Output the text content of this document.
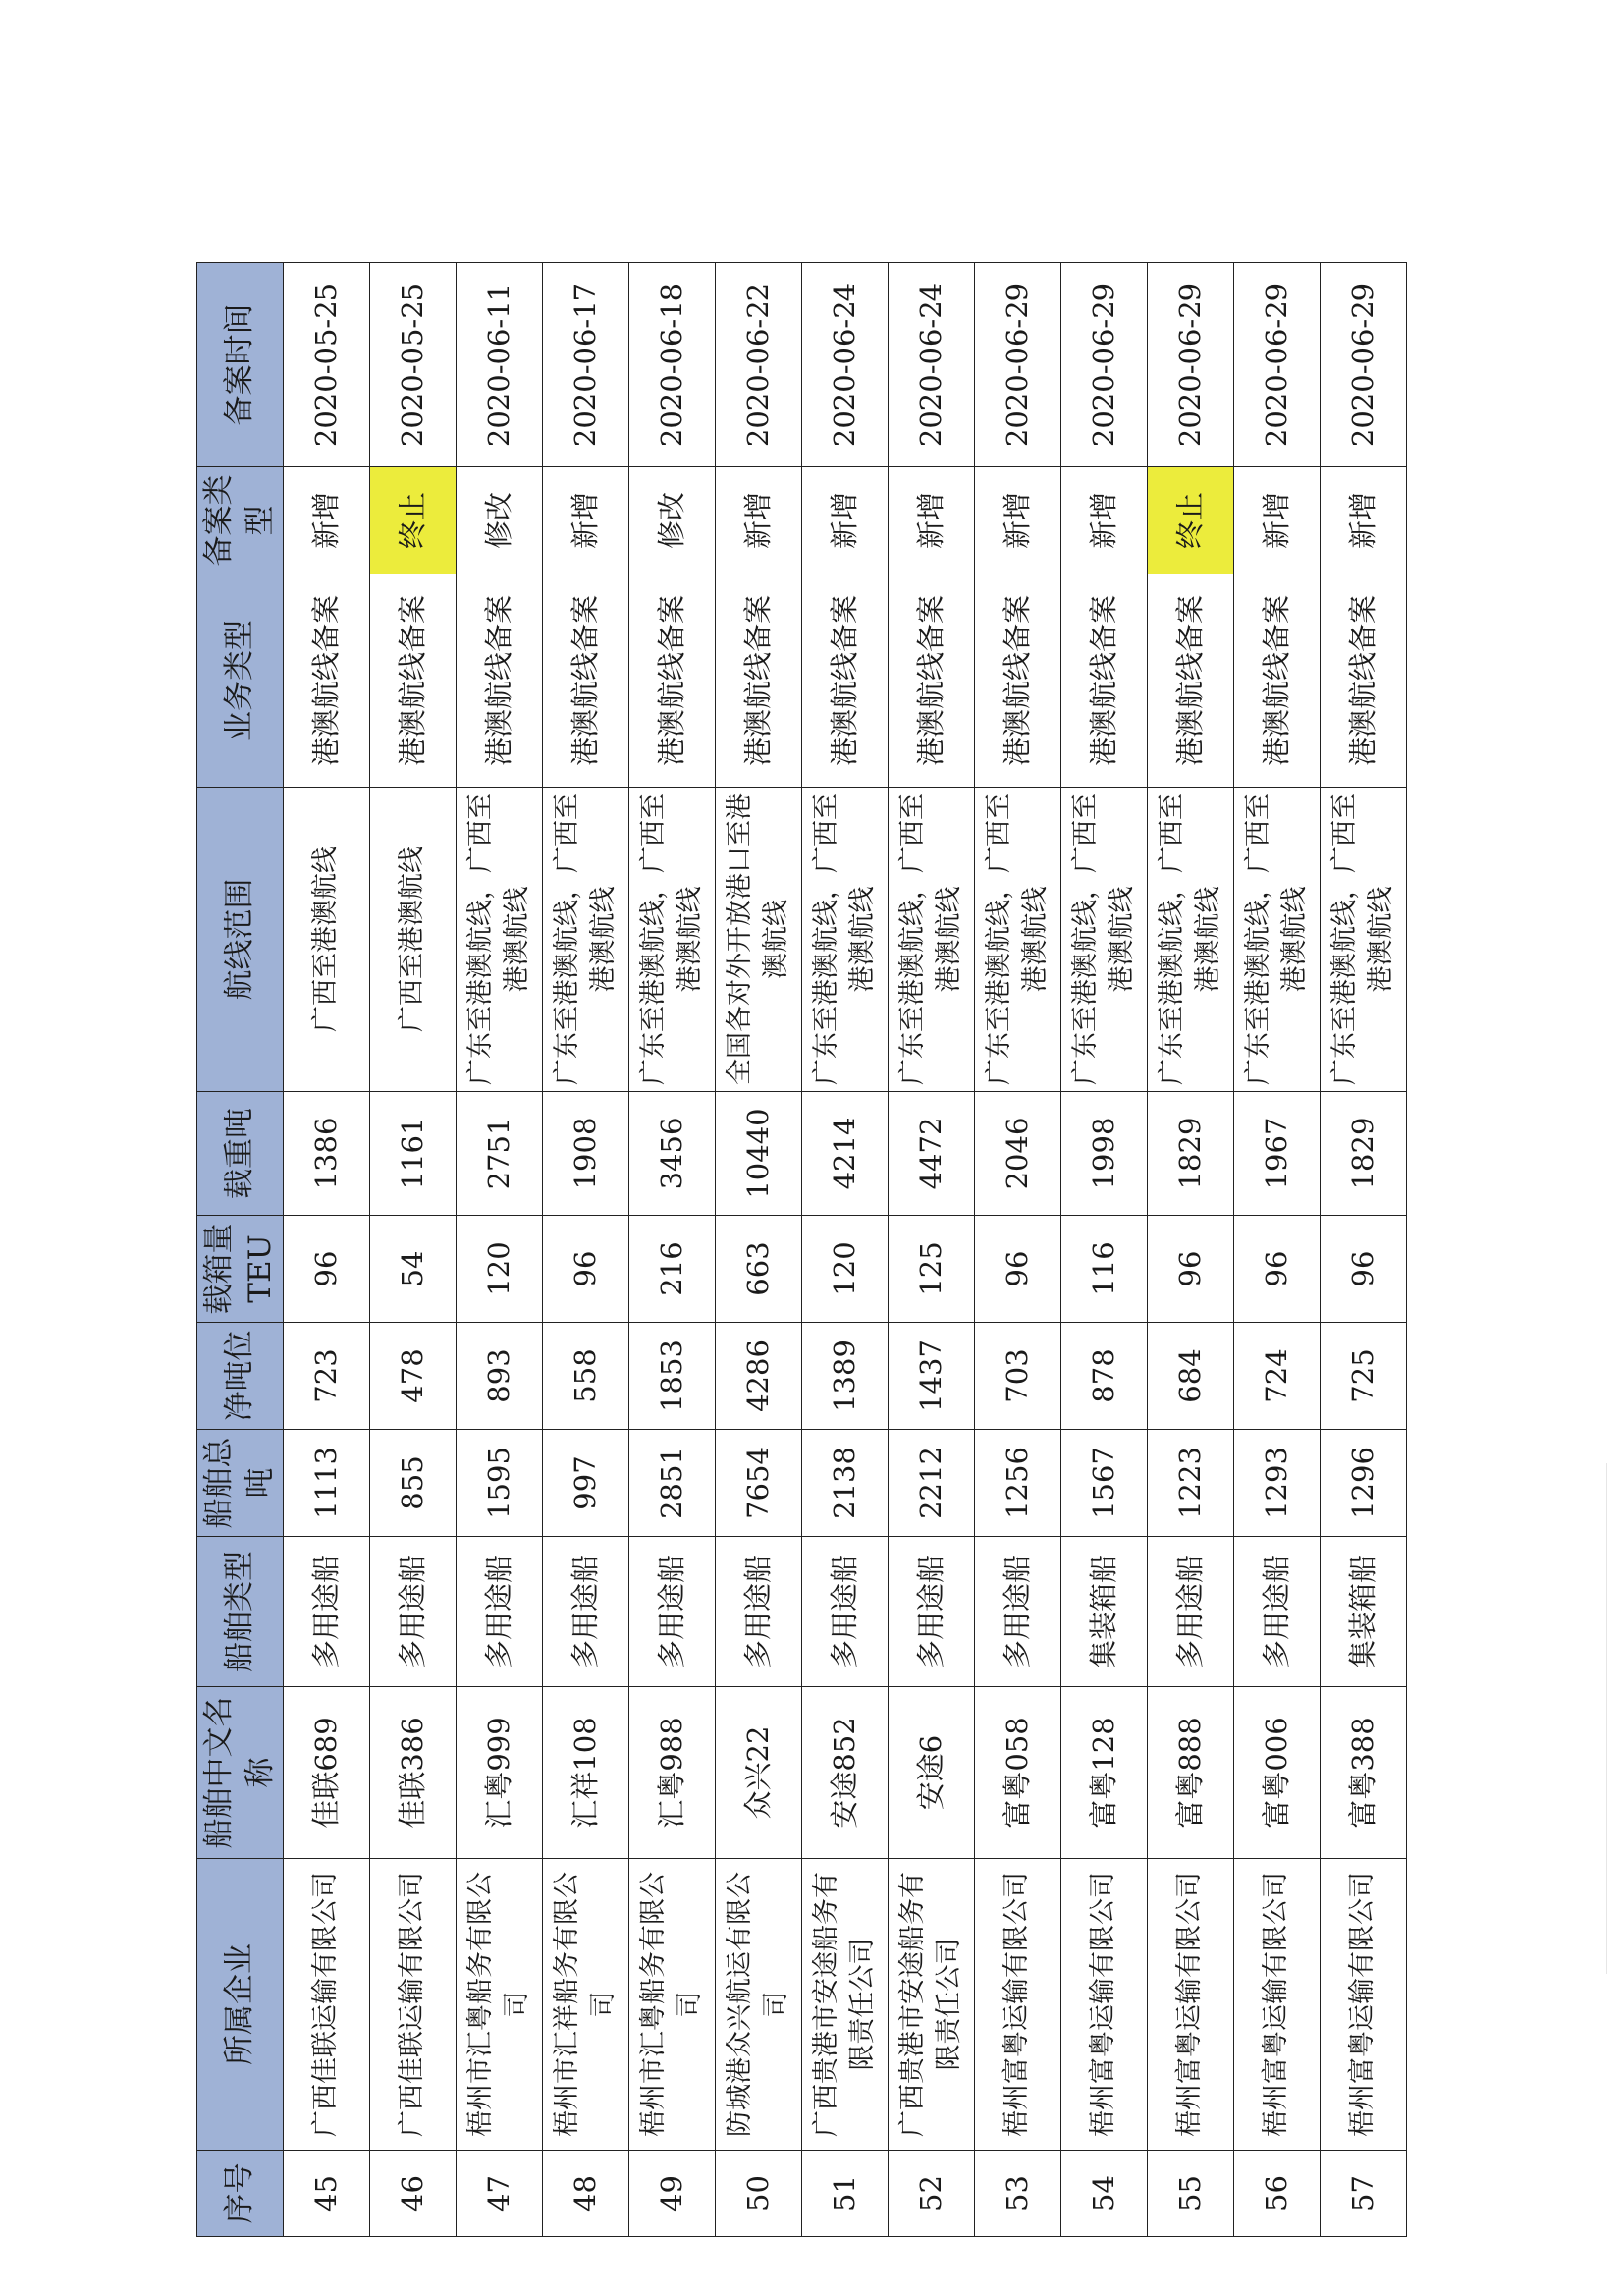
序号	所属企业	船舶中文名称	船舶类型	船舶总吨	净吨位	载箱量TEU	载重吨	航线范围	业务类型	备案类型	备案时间
45	广西佳联运输有限公司	佳联689	多用途船	1113	723	96	1386	广西至港澳航线	港澳航线备案	新增	2020-05-25
46	广西佳联运输有限公司	佳联386	多用途船	855	478	54	1161	广西至港澳航线	港澳航线备案	终止	2020-05-25
47	梧州市汇粤船务有限公司	汇粤999	多用途船	1595	893	120	2751	广东至港澳航线，广西至港澳航线	港澳航线备案	修改	2020-06-11
48	梧州市汇祥船务有限公司	汇祥108	多用途船	997	558	96	1908	广东至港澳航线，广西至港澳航线	港澳航线备案	新增	2020-06-17
49	梧州市汇粤船务有限公司	汇粤988	多用途船	2851	1853	216	3456	广东至港澳航线，广西至港澳航线	港澳航线备案	修改	2020-06-18
50	防城港众兴航运有限公司	众兴22	多用途船	7654	4286	663	10440	全国各对外开放港口至港澳航线	港澳航线备案	新增	2020-06-22
51	广西贵港市安途船务有限责任公司	安途852	多用途船	2138	1389	120	4214	广东至港澳航线，广西至港澳航线	港澳航线备案	新增	2020-06-24
52	广西贵港市安途船务有限责任公司	安途6	多用途船	2212	1437	125	4472	广东至港澳航线，广西至港澳航线	港澳航线备案	新增	2020-06-24
53	梧州富粤运输有限公司	富粤058	多用途船	1256	703	96	2046	广东至港澳航线，广西至港澳航线	港澳航线备案	新增	2020-06-29
54	梧州富粤运输有限公司	富粤128	集装箱船	1567	878	116	1998	广东至港澳航线，广西至港澳航线	港澳航线备案	新增	2020-06-29
55	梧州富粤运输有限公司	富粤888	多用途船	1223	684	96	1829	广东至港澳航线，广西至港澳航线	港澳航线备案	终止	2020-06-29
56	梧州富粤运输有限公司	富粤006	多用途船	1293	724	96	1967	广东至港澳航线，广西至港澳航线	港澳航线备案	新增	2020-06-29
57	梧州富粤运输有限公司	富粤388	集装箱船	1296	725	96	1829	广东至港澳航线，广西至港澳航线	港澳航线备案	新增	2020-06-29
